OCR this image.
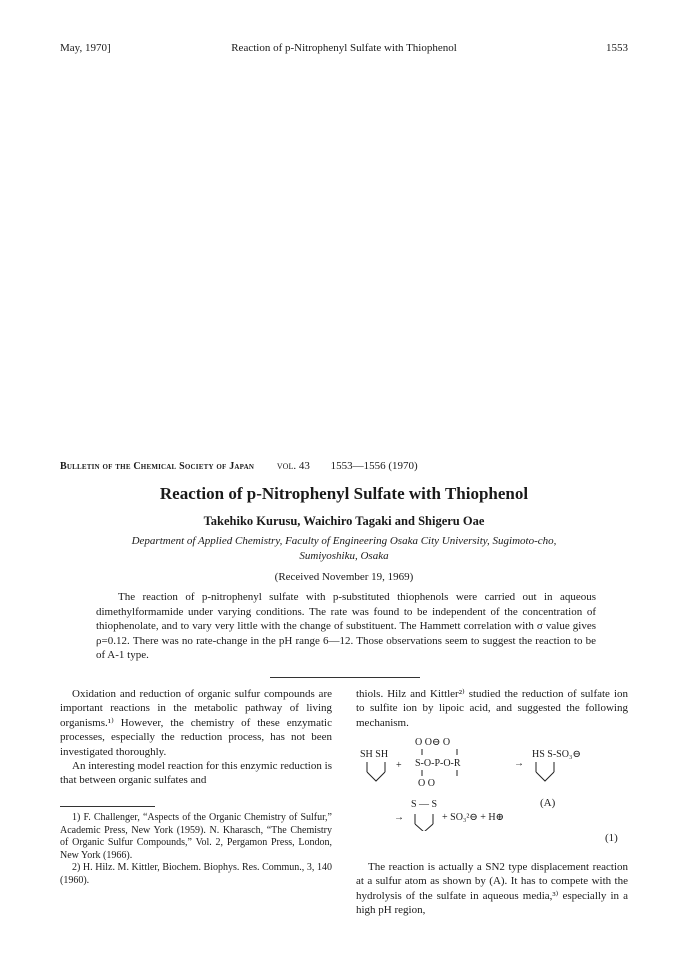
May, 1970]	Reaction of p-Nitrophenyl Sulfate with Thiophenol	1553
Bulletin of the Chemical Society of Japan vol. 43 1553—1556 (1970)
Reaction of p-Nitrophenyl Sulfate with Thiophenol
Takehiko Kurusu, Waichiro Tagaki and Shigeru Oae
Department of Applied Chemistry, Faculty of Engineering Osaka City University, Sugimoto-cho,
Sumiyoshiku, Osaka
(Received November 19, 1969)

The reaction of p-nitrophenyl sulfate with p-substituted thiophenols were carried out in aqueous dimethylformamide under varying conditions. The rate was found to be independent of the concentration of thiophenolate, and to vary very little with the change of substituent. The Hammett correlation with σ value gives ρ=0.12. There was no rate-change in the pH range 6—12. Those observations seem to suggest the reaction to be of A-1 type.

Oxidation and reduction of organic sulfur compounds are important reactions in the metabolic pathway of living organisms.¹⁾ However, the chemistry of these enzymatic processes, especially the reduction process, has not been investigated thoroughly.

An interesting model reaction for this enzymic reduction is that between organic sulfates and

1) F. Challenger, “Aspects of the Organic Chemistry of Sulfur,” Academic Press, New York (1959). N. Kharasch, “The Chemistry of Organic Sulfur Compounds,” Vol. 2, Pergamon Press, London, New York (1966).

2) H. Hilz. M. Kittler, Biochem. Biophys. Res. Commun., 3, 140 (1960).

thiols. Hilz and Kittler²⁾ studied the reduction of sulfate ion to sulfite ion by lipoic acid, and suggested the following mechanism.

SH SH
+
O O⊖ O
S-O-P-O-R
O O
→
HS S-SO₃⊖
→
S — S
+ SO₃²⊖ + H⊕
(A)
(1)

The reaction is actually a SN2 type displacement reaction at a sulfur atom as shown by (A). It has to compete with the hydrolysis of the sulfate in aqueous media,³⁾ especially in a high pH region,
